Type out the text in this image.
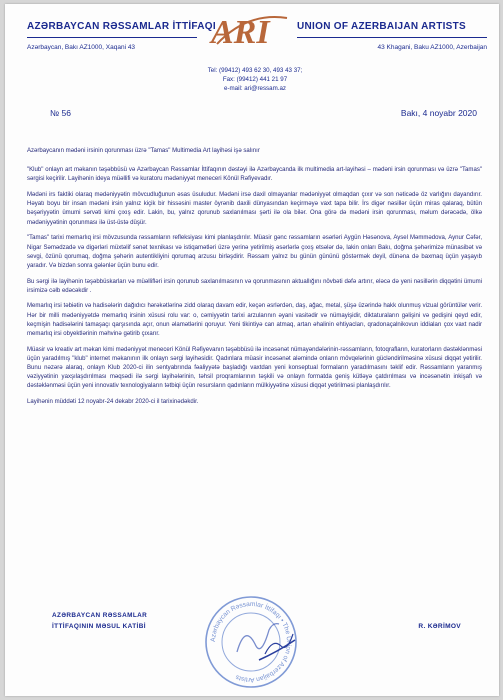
AZƏRBAYCAN RƏSSAMLAR İTTİFAQI
Azərbaycan, Bakı AZ1000, Xaqani 43	ARI	UNION OF AZERBAIJAN ARTISTS
43 Khagani, Baku AZ1000, Azerbaijan
Tel: (99412) 493 62 30, 493 43 37;
Fax: (99412) 441 21 97
e-mail: ari@ressam.az
№ 56	Bakı, 4 noyabr 2020

Azərbaycanın mədəni irsinin qorunması üzrə "Tamas" Multimedia Art layihəsi işə salınır

"Klub" onlayn art məkanın təşəbbüsü və Azərbaycan Rəssamlar İttifaqının dəstəyi ilə Azərbaycanda ilk multimedia art-layihəsi – mədəni irsin qorunması və üzrə "Tamas" sərgisi keçirilir. Layihənin ideya müəllifi və kuratoru mədəniyyət meneceri Könül Rəfiyevadır.

Mədəni irs faktiki olaraq mədəniyyətin mövcudluğunun əsas üsuludur. Mədəni irsə daxil olmayanlar mədəniyyət olmaqdan çıxır və son nəticədə öz varlığını dayandırır. Həyatı boyu bir insan mədəni irsin yalnız kiçik bir hissəsini master öyrənib daxili dünyasından keçirməyə vaxt tapa bilir. İrs digər nəsillər üçün miras qalaraq, bütün bəşəriyyətin ümumi sərvəti kimi çıxış edir. Lakin, bu, yalnız qorunub saxlanılması şərti ilə ola bilər. Ona görə də mədəni irsin qorunması, məlum dərəcədə, ölkə mədəniyyətinin qorunması ilə üst-üstə düşür.

"Tamas" tarixi memarlıq irsi mövzusunda rəssamların refleksiyası kimi planlaşdırılır. Müasir gənc rəssamların əsərləri Aygün Həsənova, Aysel Məmmədova, Aynur Cəfər, Nigar Səmədzadə və digərləri müxtəlif sənət texnikası və istiqamətləri üzrə yerinə yetirilmiş əsərlərlə çıxış etsələr də, lakin onları Bakı, doğma şəhərimizə münasibət və sevgi, özünü qorumaq, doğma şəhərin autentikliyini qorumaq arzusu birləşdirir. Rəssam yalnız bu günün gününü göstərmək deyil, dünəna də baxmaq üçün yaşayıb yaradır. Və bizdən sonra gələnlər üçün bunu edir.

Bu sərgi ilə layihənin təşəbbüskarları və müəllifləri irsin qorunub saxlanılmasının və qorunmasının aktuallığını növbəti dəfə artırır, eləcə də yeni nəsillərin diqqətini ümumi irsimizə cəlb edəcəkdir .

Memarlıq irsi təbiətin və hadisələrin dağıdıcı hərəkətlərinə zidd olaraq davam edir, keçən əsrlərdən, daş, ağac, metal, şüşə üzərində hakk olunmuş vizual görüntülər verir. Hər bir milli mədəniyyətdə memarlıq irsinin xüsusi rolu var: o, cəmiyyətin tarixi arzularının əyani vasitədir və nümayişidir, diktaturaların gəlişini və gedişini qeyd edir, keçmişin hadisələrini tamaşaçı qarşısında açır, onun əlamətlərini qoruyur. Yeni tikintiyə can atmaq, artan əhalinin ehtiyacları, qradonaçalnikovun iddiaları çox vaxt nadir memarlıq irsi obyektlərinin məhvinə gətirib çıxarır.

Müasir və kreativ art məkan kimi mədəniyyət meneceri Könül Rəfiyevanın təşəbbüsü ilə incəsənət nümayəndələrinin-rəssamların, fotoqrafların, kuratorların dəstəklənməsi üçün yaradılmış "klub" internet məkanının ilk onlayn sərgi layihəsidir. Qadınlara müasir incəsənət aləmində onların mövqelərinin gücləndirilməsinə xüsusi diqqət yetirilir. Bunu nəzərə alaraq, onlayn Klub 2020-ci ilin sentyabrında fəaliyyətə başladığı vaxtdan yeni konseptual formaların yaradılmasını təklif edir. Rəssamların yaranmış vəziyyətinin yaxşılaşdırılması məqsədi ilə sərgi layihələrinin, təhsil proqramlarının təşkili və onlayn formatda geniş kütləyə çatdırılması və incəsənətin inkişafı və dəstəklənməsi üçün yeni innovativ texnologiyaların tətbiqi üçün resursların qadınların mülkiyyətinə xüsusi diqqət yetirilməsi planlaşdırılır.

Layihənin müddəti 12 noyabr-24 dekabr 2020-ci il tarixinədəkdir.

AZƏRBAYCAN RƏSSAMLAR
İTTİFAQININ MƏSUL KATİBİ
Azərbaycan Rəssamlar İttifaqı • The Union of Azerbaijan Artists
R. KƏRİMOV
